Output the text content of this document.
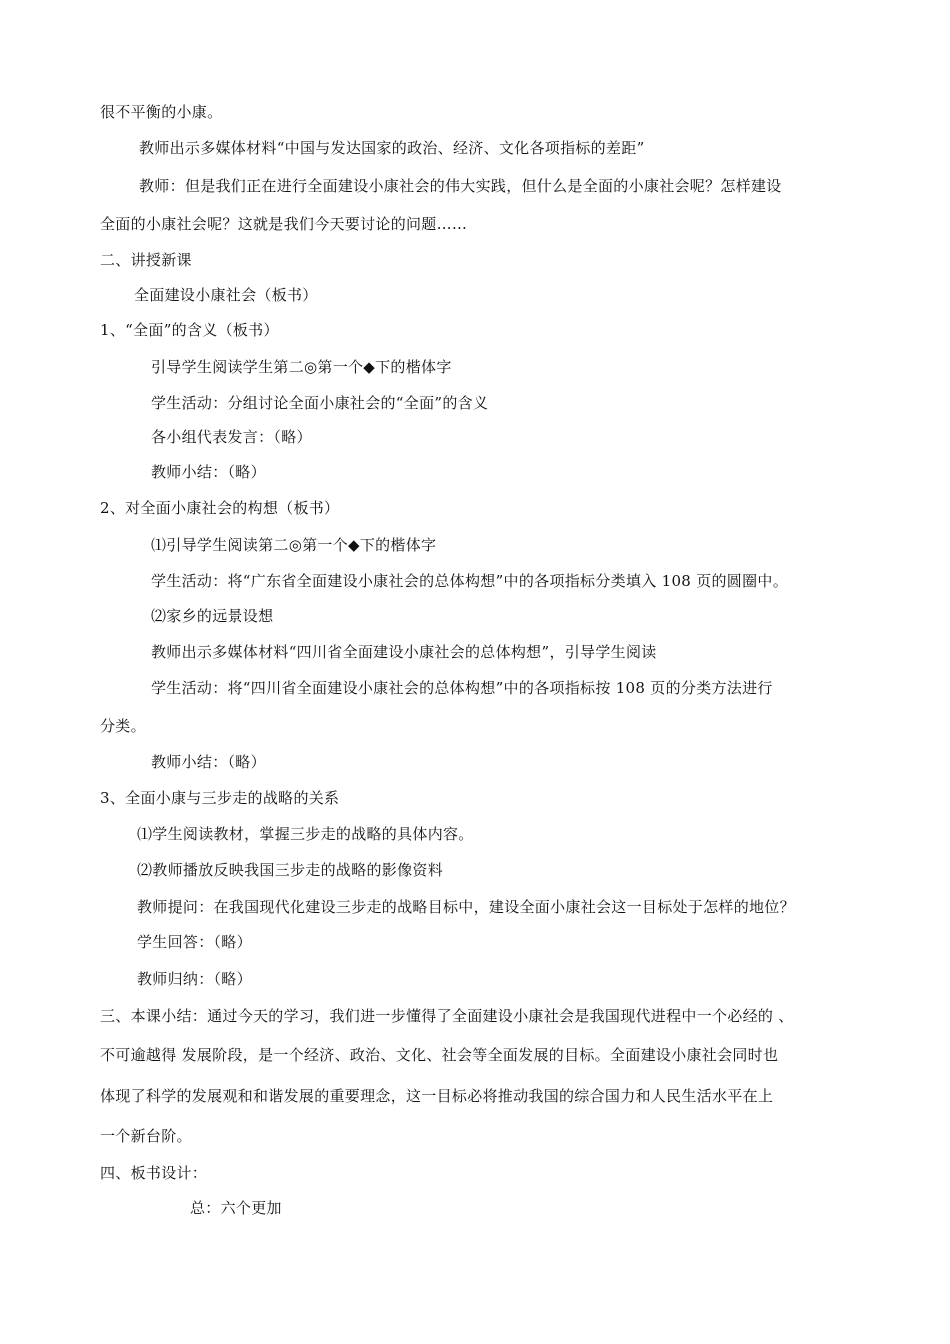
很不平衡的小康。
教师出示多媒体材料“中国与发达国家的政治、经济、文化各项指标的差距”
教师：但是我们正在进行全面建设小康社会的伟大实践，但什么是全面的小康社会呢？怎样建设
全面的小康社会呢？这就是我们今天要讨论的问题……
二、讲授新课
全面建设小康社会（板书）
1、“全面”的含义（板书）
引导学生阅读学生第二◎第一个◆下的楷体字
学生活动：分组讨论全面小康社会的“全面”的含义
各小组代表发言：（略）
教师小结：（略）
2、对全面小康社会的构想（板书）
⑴引导学生阅读第二◎第一个◆下的楷体字
学生活动：将“广东省全面建设小康社会的总体构想”中的各项指标分类填入 108 页的圆圈中。
⑵家乡的远景设想
教师出示多媒体材料“四川省全面建设小康社会的总体构想”，引导学生阅读
学生活动：将“四川省全面建设小康社会的总体构想”中的各项指标按 108 页的分类方法进行
分类。
教师小结：（略）
3、全面小康与三步走的战略的关系
⑴学生阅读教材，掌握三步走的战略的具体内容。
⑵教师播放反映我国三步走的战略的影像资料
教师提问：在我国现代化建设三步走的战略目标中，建设全面小康社会这一目标处于怎样的地位？
学生回答：（略）
教师归纳：（略）
三、本课小结：通过今天的学习，我们进一步懂得了全面建设小康社会是我国现代进程中一个必经的 、
不可逾越得 发展阶段，是一个经济、政治、文化、社会等全面发展的目标。全面建设小康社会同时也
体现了科学的发展观和和谐发展的重要理念，这一目标必将推动我国的综合国力和人民生活水平在上
一个新台阶。
四、板书设计：
总：六个更加
